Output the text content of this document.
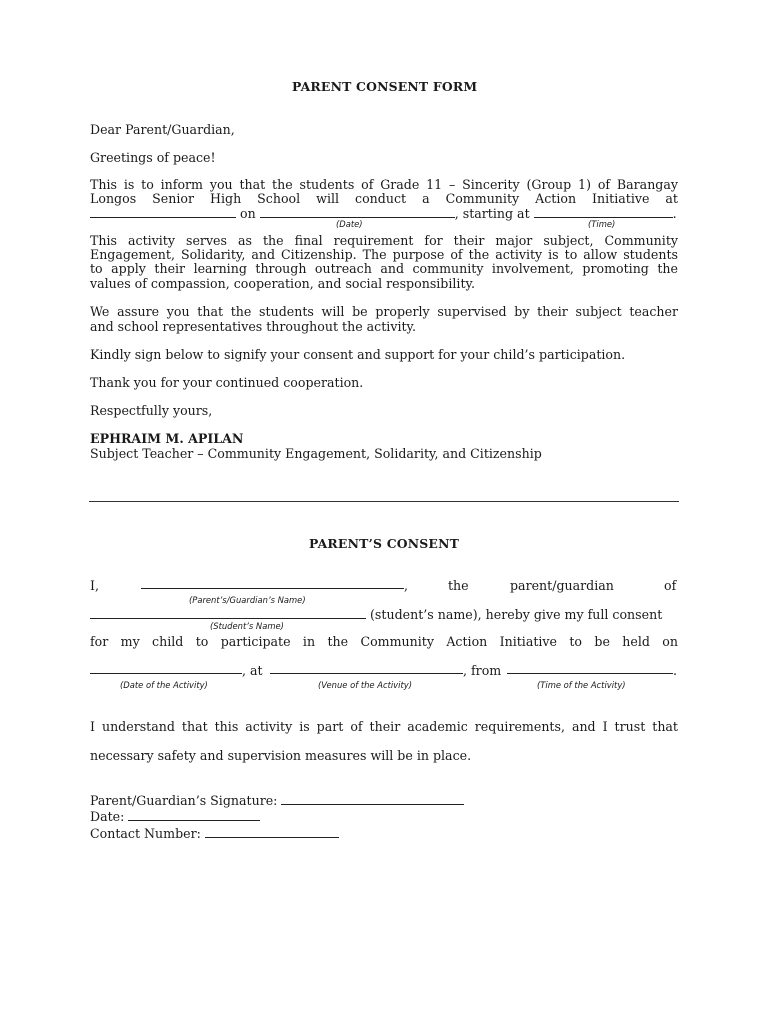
PARENT CONSENT FORM
Dear Parent/Guardian,
Greetings of peace!
This is to inform you that the students of Grade 11 – Sincerity (Group 1) of Barangay
Longos Senior High School will conduct a Community Action Initiative at
on	, starting at	.
(Date)	(Time)
This activity serves as the final requirement for their major subject, Community
Engagement, Solidarity, and Citizenship. The purpose of the activity is to allow students
to apply their learning through outreach and community involvement, promoting the
values of compassion, cooperation, and social responsibility.
We assure you that the students will be properly supervised by their subject teacher
and school representatives throughout the activity.
Kindly sign below to signify your consent and support for your child’s participation.
Thank you for your continued cooperation.
Respectfully yours,
EPHRAIM M. APILAN
Subject Teacher – Community Engagement, Solidarity, and Citizenship
PARENT’S CONSENT
I,	,	the	parent/guardian	of
(Parent’s/Guardian’s Name)
(student’s name), hereby give my full consent
(Student’s Name)
for my child to participate in the Community Action Initiative to be held on
, at	, from	.
(Date of the Activity)	(Venue of the Activity)	(Time of the Activity)
I understand that this activity is part of their academic requirements, and I trust that
necessary safety and supervision measures will be in place.
Parent/Guardian’s Signature:
Date:
Contact Number:
